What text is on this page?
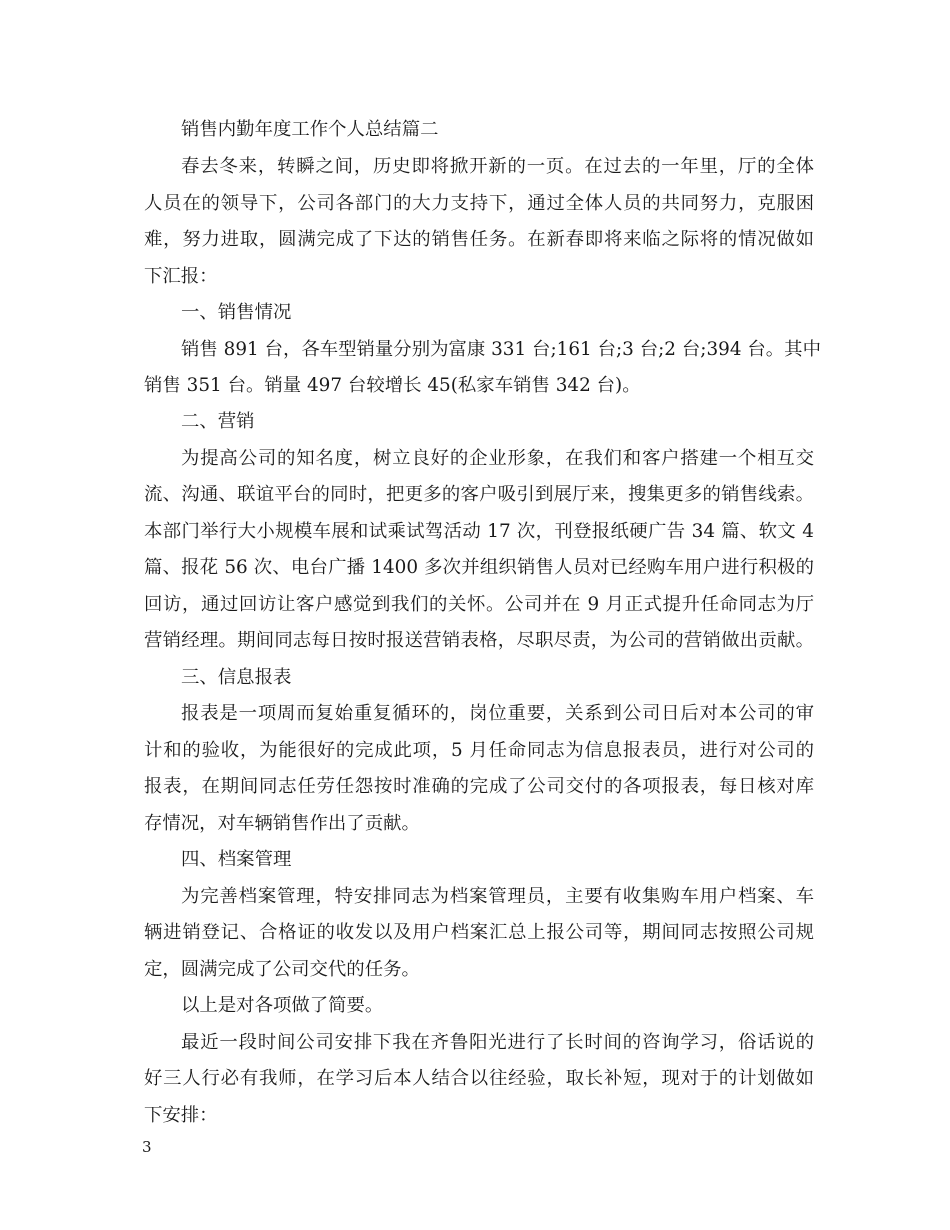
销售内勤年度工作个人总结篇二
春去冬来，转瞬之间，历史即将掀开新的一页。在过去的一年里，厅的全体
人员在的领导下，公司各部门的大力支持下，通过全体人员的共同努力，克服困
难，努力进取，圆满完成了下达的销售任务。在新春即将来临之际将的情况做如
下汇报：
一、销售情况
销售 891 台，各车型销量分别为富康 331 台;161 台;3 台;2 台;394 台。其中
销售 351 台。销量 497 台较增长 45(私家车销售 342 台)。
二、营销
为提高公司的知名度，树立良好的企业形象，在我们和客户搭建一个相互交
流、沟通、联谊平台的同时，把更多的客户吸引到展厅来，搜集更多的销售线索。
本部门举行大小规模车展和试乘试驾活动 17 次，刊登报纸硬广告 34 篇、软文 4
篇、报花 56 次、电台广播 1400 多次并组织销售人员对已经购车用户进行积极的
回访，通过回访让客户感觉到我们的关怀。公司并在 9 月正式提升任命同志为厅
营销经理。期间同志每日按时报送营销表格，尽职尽责，为公司的营销做出贡献。
三、信息报表
报表是一项周而复始重复循环的，岗位重要，关系到公司日后对本公司的审
计和的验收，为能很好的完成此项，5 月任命同志为信息报表员，进行对公司的
报表，在期间同志任劳任怨按时准确的完成了公司交付的各项报表，每日核对库
存情况，对车辆销售作出了贡献。
四、档案管理
为完善档案管理，特安排同志为档案管理员，主要有收集购车用户档案、车
辆进销登记、合格证的收发以及用户档案汇总上报公司等，期间同志按照公司规
定，圆满完成了公司交代的任务。
以上是对各项做了简要。
最近一段时间公司安排下我在齐鲁阳光进行了长时间的咨询学习，俗话说的
好三人行必有我师，在学习后本人结合以往经验，取长补短，现对于的计划做如
下安排：
3
